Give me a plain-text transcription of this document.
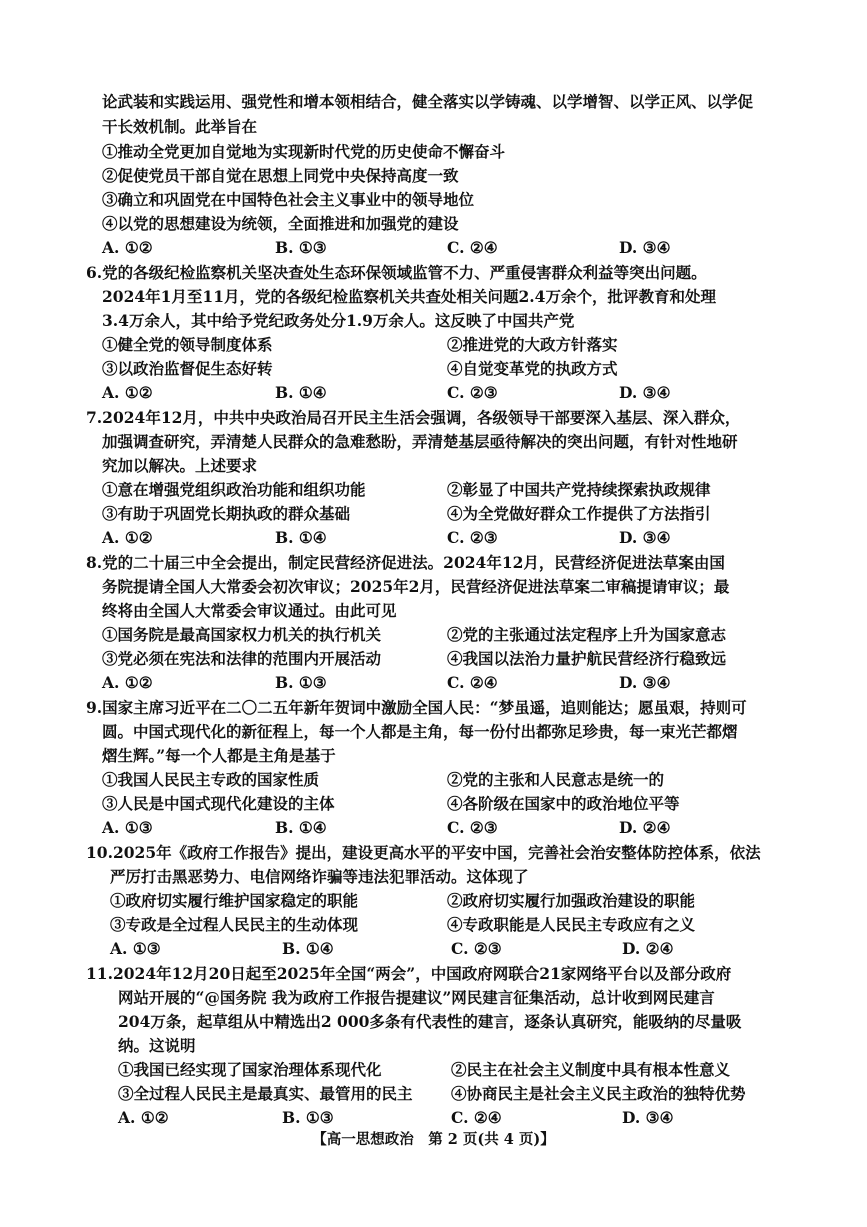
论武装和实践运用、强党性和增本领相结合，健全落实以学铸魂、以学增智、以学正风、以学促
干长效机制。此举旨在
①推动全党更加自觉地为实现新时代党的历史使命不懈奋斗
②促使党员干部自觉在思想上同党中央保持高度一致
③确立和巩固党在中国特色社会主义事业中的领导地位
④以党的思想建设为统领，全面推进和加强党的建设
A. ①②	B. ①③	C. ②④	D. ③④
6.党的各级纪检监察机关坚决查处生态环保领域监管不力、严重侵害群众利益等突出问题。
2024年1月至11月，党的各级纪检监察机关共查处相关问题2.4万余个，批评教育和处理
3.4万余人，其中给予党纪政务处分1.9万余人。这反映了中国共产党
①健全党的领导制度体系	②推进党的大政方针落实
③以政治监督促生态好转	④自觉变革党的执政方式
A. ①②	B. ①④	C. ②③	D. ③④
7.2024年12月，中共中央政治局召开民主生活会强调，各级领导干部要深入基层、深入群众，
加强调查研究，弄清楚人民群众的急难愁盼，弄清楚基层亟待解决的突出问题，有针对性地研
究加以解决。上述要求
①意在增强党组织政治功能和组织功能	②彰显了中国共产党持续探索执政规律
③有助于巩固党长期执政的群众基础	④为全党做好群众工作提供了方法指引
A. ①②	B. ①④	C. ②③	D. ③④
8.党的二十届三中全会提出，制定民营经济促进法。2024年12月，民营经济促进法草案由国
务院提请全国人大常委会初次审议；2025年2月，民营经济促进法草案二审稿提请审议；最
终将由全国人大常委会审议通过。由此可见
①国务院是最高国家权力机关的执行机关	②党的主张通过法定程序上升为国家意志
③党必须在宪法和法律的范围内开展活动	④我国以法治力量护航民营经济行稳致远
A. ①②	B. ①③	C. ②④	D. ③④
9.国家主席习近平在二〇二五年新年贺词中激励全国人民：“梦虽遥，追则能达；愿虽艰，持则可
圆。中国式现代化的新征程上，每一个人都是主角，每一份付出都弥足珍贵，每一束光芒都熠
熠生辉。”每一个人都是主角是基于
①我国人民民主专政的国家性质	②党的主张和人民意志是统一的
③人民是中国式现代化建设的主体	④各阶级在国家中的政治地位平等
A. ①③	B. ①④	C. ②③	D. ②④
10.2025年《政府工作报告》提出，建设更高水平的平安中国，完善社会治安整体防控体系，依法
严厉打击黑恶势力、电信网络诈骗等违法犯罪活动。这体现了
①政府切实履行维护国家稳定的职能	②政府切实履行加强政治建设的职能
③专政是全过程人民民主的生动体现	④专政职能是人民民主专政应有之义
A. ①③	B. ①④	C. ②③	D. ②④
11.2024年12月20日起至2025年全国“两会”，中国政府网联合21家网络平台以及部分政府
网站开展的“@国务院 我为政府工作报告提建议”网民建言征集活动，总计收到网民建言
204万条，起草组从中精选出2 000多条有代表性的建言，逐条认真研究，能吸纳的尽量吸
纳。这说明
①我国已经实现了国家治理体系现代化	②民主在社会主义制度中具有根本性意义
③全过程人民民主是最真实、最管用的民主 ④协商民主是社会主义民主政治的独特优势
A. ①②	B. ①③	C. ②④	D. ③④
【高一思想政治　第 2 页(共 4 页)】
